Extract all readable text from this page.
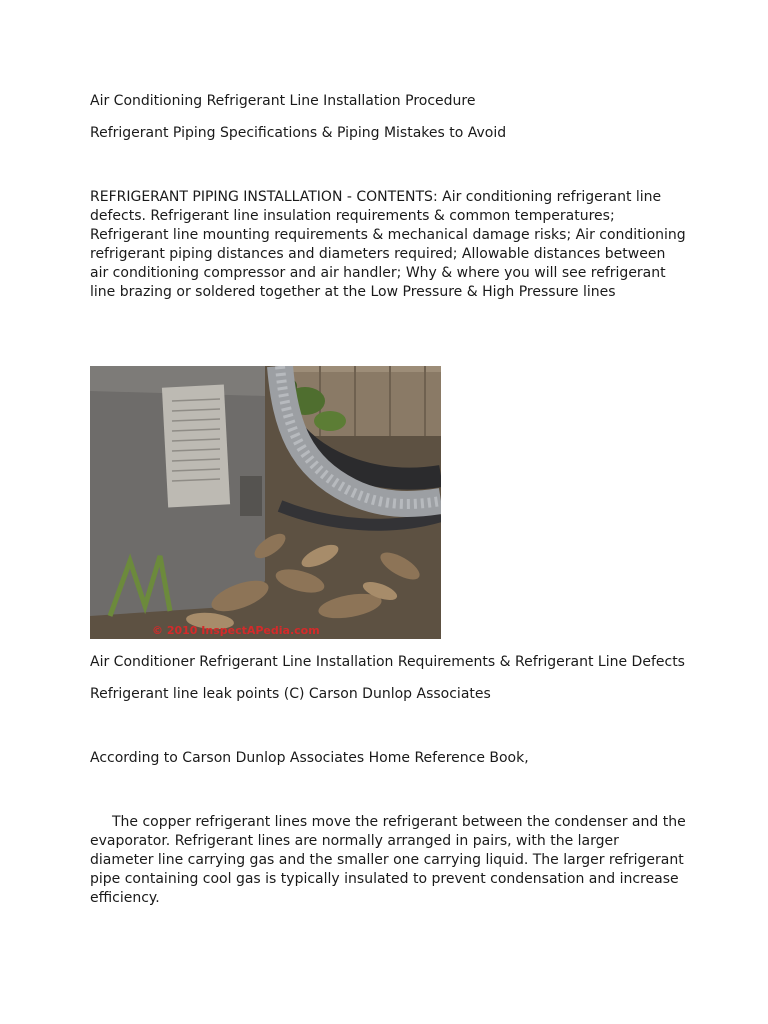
Air Conditioning Refrigerant Line Installation Procedure
Refrigerant Piping Specifications & Piping Mistakes to Avoid
REFRIGERANT PIPING INSTALLATION - CONTENTS: Air conditioning refrigerant line defects. Refrigerant line insulation requirements & common temperatures; Refrigerant line mounting requirements & mechanical damage risks; Air conditioning refrigerant piping distances and diameters required; Allowable distances between air conditioning compressor and air handler; Why & where you will see refrigerant line brazing or soldered together at the Low Pressure & High Pressure lines
© 2010 InspectAPedia.com
Air Conditioner Refrigerant Line Installation Requirements & Refrigerant Line Defects
Refrigerant line leak points (C) Carson Dunlop Associates
According to Carson Dunlop Associates Home Reference Book,
The copper refrigerant lines move the refrigerant between the condenser and the evaporator. Refrigerant lines are normally arranged in pairs, with the larger diameter line carrying gas and the smaller one carrying liquid. The larger refrigerant pipe containing cool gas is typically insulated to prevent condensation and increase efficiency.
